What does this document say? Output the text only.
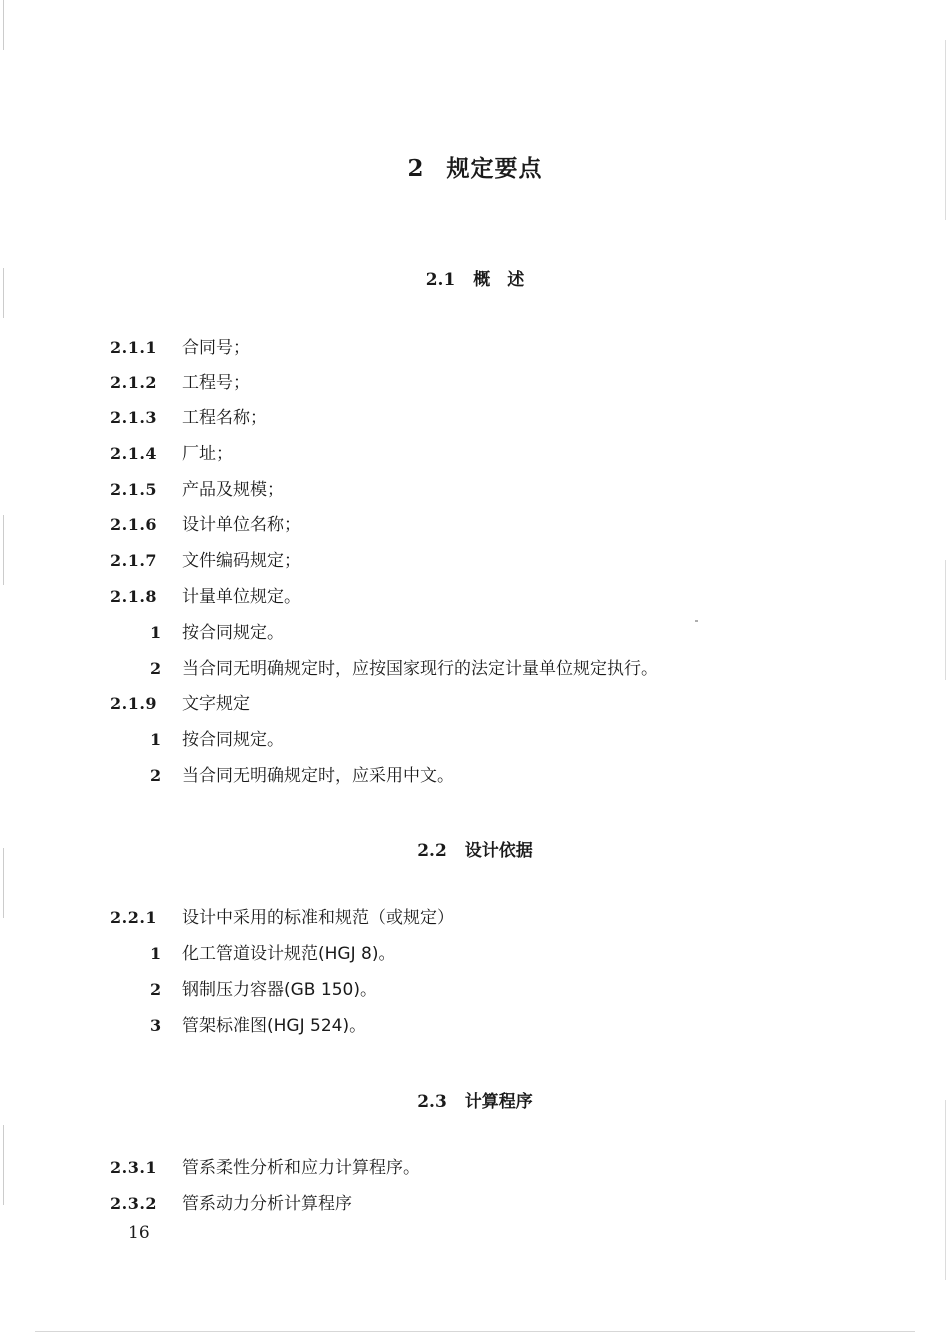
2 规定要点
2.1 概　述
2.1.1	合同号；
2.1.2	工程号；
2.1.3	工程名称；
2.1.4	厂址；
2.1.5	产品及规模；
2.1.6	设计单位名称；
2.1.7	文件编码规定；
2.1.8	计量单位规定。
1	按合同规定。
2	当合同无明确规定时，应按国家现行的法定计量单位规定执行。
2.1.9	文字规定
1	按合同规定。
2	当合同无明确规定时，应采用中文。
2.2 设计依据
2.2.1	设计中采用的标准和规范（或规定）
1	化工管道设计规范(HGJ 8)。
2	钢制压力容器(GB 150)。
3	管架标准图(HGJ 524)。
2.3 计算程序
2.3.1	管系柔性分析和应力计算程序。
2.3.2	管系动力分析计算程序
16
